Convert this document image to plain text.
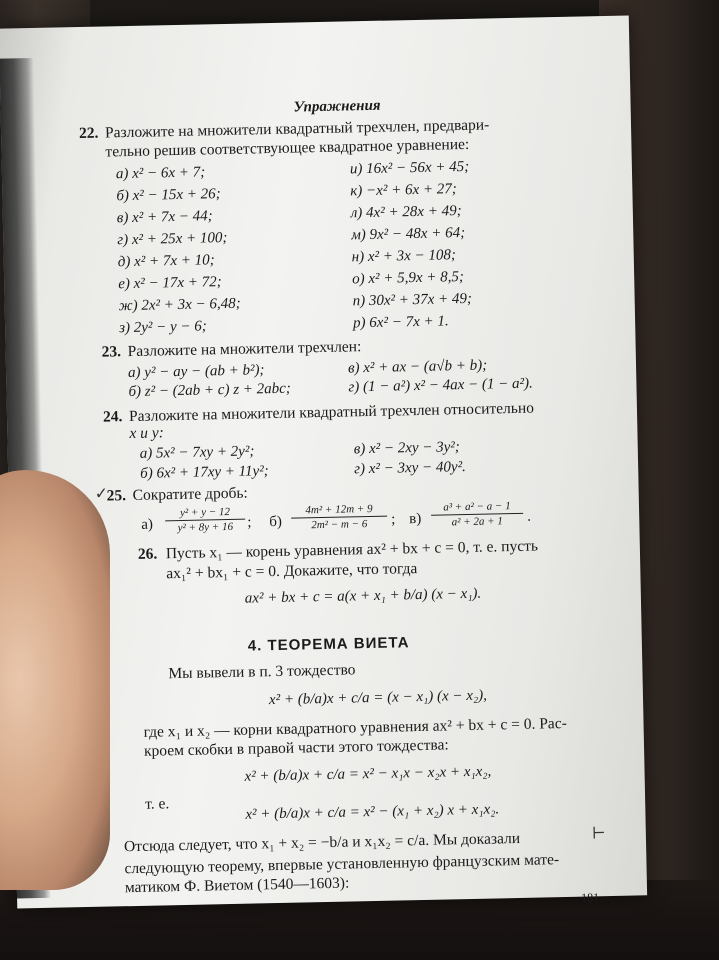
Упражнения
22. Разложите на множители квадратный трехчлен, предвари-
тельно решив соответствующее квадратное уравнение:
а) x² − 6x + 7;
б) x² − 15x + 26;
в) x² + 7x − 44;
г) x² + 25x + 100;
д) x² + 7x + 10;
е) x² − 17x + 72;
ж) 2x² + 3x − 6,48;
з) 2y² − y − 6;
и) 16x² − 56x + 45;
к) −x² + 6x + 27;
л) 4x² + 28x + 49;
м) 9x² − 48x + 64;
н) x² + 3x − 108;
о) x² + 5,9x + 8,5;
п) 30x² + 37x + 49;
р) 6x² − 7x + 1.
23. Разложите на множители трехчлен:
а) y² − ay − (ab + b²);
б) z² − (2ab + c) z + 2abc;
в) x² + ax − (a√b + b);
г) (1 − a²) x² − 4ax − (1 − a²).
24. Разложите на множители квадратный трехчлен относительно
x и y:
а) 5x² − 7xy + 2y²;
б) 6x² + 17xy + 11y²;
в) x² − 2xy − 3y²;
г) x² − 3xy − 40y².
25. Сократите дробь:
а)
y² + y − 12
y² + 8y + 16 ; б)
4m² + 12m + 9
2m² − m − 6	; в)
a³ + a² − a − 1
a² + 2a + 1	.
26. Пусть x₁ — корень уравнения ax² + bx + c = 0, т. е. пусть
ax₁² + bx₁ + c = 0. Докажите, что тогда
ax² + bx + c = a(x + x₁ + b/a) (x − x₁).
4. ТЕОРЕМА ВИЕТА
Мы вывели в п. 3 тождество
x² + (b/a)x + c/a = (x − x₁) (x − x₂),
где x₁ и x₂ — корни квадратного уравнения ax² + bx + c = 0. Рас-
кроем скобки в правой части этого тождества:
x² + (b/a)x + c/a = x² − x₁x − x₂x + x₁x₂,
т. е.	x² + (b/a)x + c/a = x² − (x₁ + x₂) x + x₁x₂.
Отсюда следует, что x₁ + x₂ = −b/a и x₁x₂ = c/a. Мы доказали
следующую теорему, впервые установленную французским мате-
матиком Ф. Виетом (1540—1603):
181
✓
⊢
